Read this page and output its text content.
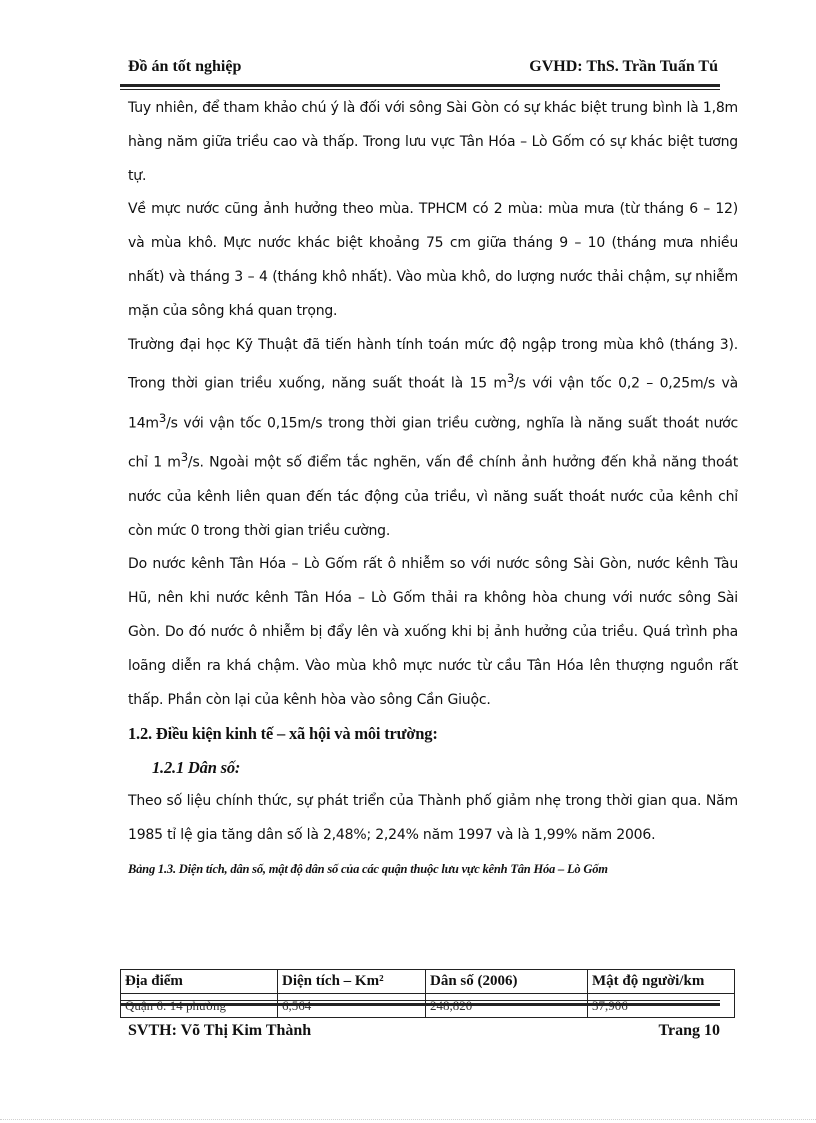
Đồ án tốt nghiệp	GVHD: ThS. Trần Tuấn Tú

Tuy nhiên, để tham khảo chú ý là đối với sông Sài Gòn có sự khác biệt trung bình là 1,8m hàng năm giữa triều cao và thấp. Trong lưu vực Tân Hóa – Lò Gốm có sự khác biệt tương tự.

Về mực nước cũng ảnh hưởng theo mùa. TPHCM có 2 mùa: mùa mưa (từ tháng 6 – 12) và mùa khô. Mực nước khác biệt khoảng 75 cm giữa tháng 9 – 10 (tháng mưa nhiều nhất) và tháng 3 – 4 (tháng khô nhất). Vào mùa khô, do lượng nước thải chậm, sự nhiễm mặn của sông khá quan trọng.

Trường đại học Kỹ Thuật đã tiến hành tính toán mức độ ngập trong mùa khô (tháng 3). Trong thời gian triều xuống, năng suất thoát là 15 $m^3/s$ với vận tốc 0,2 – 0,25m/s và $14m^3/s$ với vận tốc 0,15m/s trong thời gian triều cường, nghĩa là năng suất thoát nước chỉ 1 $m^3/s$. Ngoài một số điểm tắc nghẽn, vấn đề chính ảnh hưởng đến khả năng thoát nước của kênh liên quan đến tác động của triều, vì năng suất thoát nước của kênh chỉ còn mức 0 trong thời gian triều cường.

Do nước kênh Tân Hóa – Lò Gốm rất ô nhiễm so với nước sông Sài Gòn, nước kênh Tàu Hũ, nên khi nước kênh Tân Hóa – Lò Gốm thải ra không hòa chung với nước sông Sài Gòn. Do đó nước ô nhiễm bị đẩy lên và xuống khi bị ảnh hưởng của triều. Quá trình pha loãng diễn ra khá chậm. Vào mùa khô mực nước từ cầu Tân Hóa lên thượng nguồn rất thấp. Phần còn lại của kênh hòa vào sông Cần Giuộc.

1.2. Điều kiện kinh tế – xã hội và môi trường:
1.2.1 Dân số:

Theo số liệu chính thức, sự phát triển của Thành phố giảm nhẹ trong thời gian qua. Năm 1985 tỉ lệ gia tăng dân số là 2,48%; 2,24% năm 1997 và là 1,99% năm 2006.

Bảng 1.3. Diện tích, dân số, mật độ dân số của các quận thuộc lưu vực kênh Tân Hóa – Lò Gốm

Địa điểm	Diện tích – Km²	Dân số (2006)	Mật độ người/km
Quận 6: 14 phường	6,564	248,820	37,906
SVTH: Võ Thị Kim Thành	Trang 10
